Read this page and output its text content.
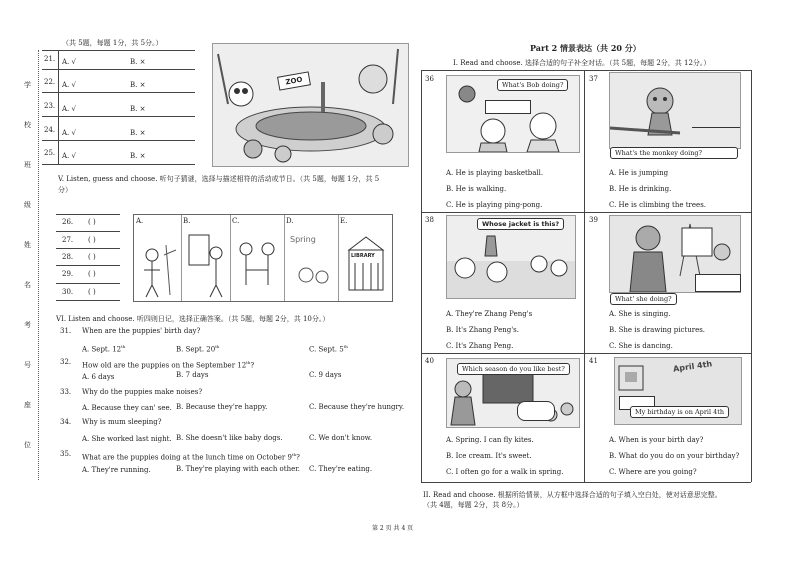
学
校
班
级
姓
名
考
号
座
位
（共 5题，每题 1分，共 5分。）
21. A. √	B. ×
22. A. √	B. ×
23. A. √	B. ×
24. A. √	B. ×
25. A. √	B. ×
ZOO
V. Listen, guess and choose. 听句子猜谜，选择与描述相符的活动或节日。（共 5题，每题 1分，共 5
分）
26. ( )
27. ( )
28. ( )
29. ( )
30. ( )
A.	B.	C.	D.	E.
Spring
LIBRARY
VI. Listen and choose. 听四则日记，选择正确答案。（共 5题，每题 2分，共 10分。）
31. When are the puppies' birth day?
A. Sept. 12th	B. Sept. 20th	C. Sept. 5th
32. How old are the puppies on the September 12th?
A. 6 days	B. 7 days	C. 9 days
33. Why do the puppies make noises?
A. Because they can' see. B. Because they're happy.	C. Because they're hungry.
34. Why is mum sleeping?
A. She worked last night. B. She doesn't like baby dogs.	C. We don't know.
35. What are the puppies doing at the lunch time on October 9th?
A. They're running.	B. They're playing with each other. C. They're eating.
Part 2 情景表达（共 20 分）
I. Read and choose. 选择合适的句子补全对话。（共 5题，每题 2分，共 12分。）
36
What's Bob doing?
A. He is playing basketball.
B. He is walking.
C. He is playing ping-pong.
37
What's the monkey doing?
A. He is jumping
B. He is drinking.
C. He is climbing the trees.
38	Whose jacket is this?
A. They're Zhang Peng's
B. It's Zhang Peng's.
C. It's Zhang Peng.
39
What' she doing?
A. She is singing.
B. She is drawing pictures.
C. She is dancing.
40
Which season do you like best?
A. Spring. I can fly kites.
B. Ice cream. It's sweet.
C. I often go for a walk in spring.
41	April 4th
My birthday is on April 4th
A. When is your birth day?
B. What do you do on your birthday?
C. Where are you going?
II. Read and choose. 根据所给情景，从方框中选择合适的句子填入空白处，使对话意思完整。
（共 4题，每题 2分，共 8分。）
第 2 页 共 4 页
